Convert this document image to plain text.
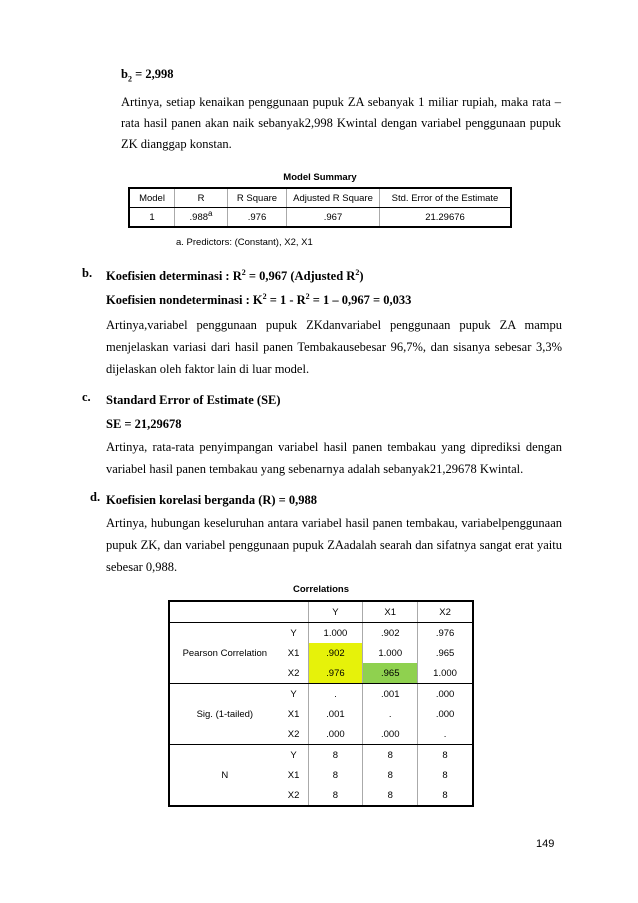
$b_2 = 2,998$
Artinya, setiap kenaikan penggunaan pupuk ZA sebanyak 1 miliar rupiah, maka rata – rata hasil panen akan naik sebanyak2,998 Kwintal dengan variabel penggunaan pupuk ZK dianggap konstan.
Model Summary
Model	R	R Square	Adjusted R Square	Std. Error of the Estimate
1	.988$^a$	.976	.967	21.29676
a. Predictors: (Constant), X2, X1
b. Koefisien determinasi : $R^2 = 0,967$ (Adjusted $R^2$)
Koefisien nondeterminasi : $K^2 = 1 - R^2 = 1 - 0,967 = 0,033$
Artinya,variabel penggunaan pupuk ZKdanvariabel penggunaan pupuk ZA mampu menjelaskan variasi dari hasil panen Tembakausebesar 96,7%, dan sisanya sebesar 3,3% dijelaskan oleh faktor lain di luar model.
c. Standard Error of Estimate (SE)
SE = 21,29678
Artinya, rata-rata penyimpangan variabel hasil panen tembakau yang diprediksi dengan variabel hasil panen tembakau yang sebenarnya adalah sebanyak21,29678 Kwintal.
d. Koefisien korelasi berganda (R) = 0,988
Artinya, hubungan keseluruhan antara variabel hasil panen tembakau, variabelpenggunaan pupuk ZK, dan variabel penggunaan pupuk ZAadalah searah dan sifatnya sangat erat yaitu sebesar 0,988.
Correlations
		Y	X1	X2
Pearson Correlation	Y	1.000	.902	.976
	X1	.902	1.000	.965
	X2	.976	.965	1.000
Sig. (1-tailed)	Y	.	.001	.000
	X1	.001	.	.000
	X2	.000	.000	.
N	Y	8	8	8
	X1	8	8	8
	X2	8	8	8
149
